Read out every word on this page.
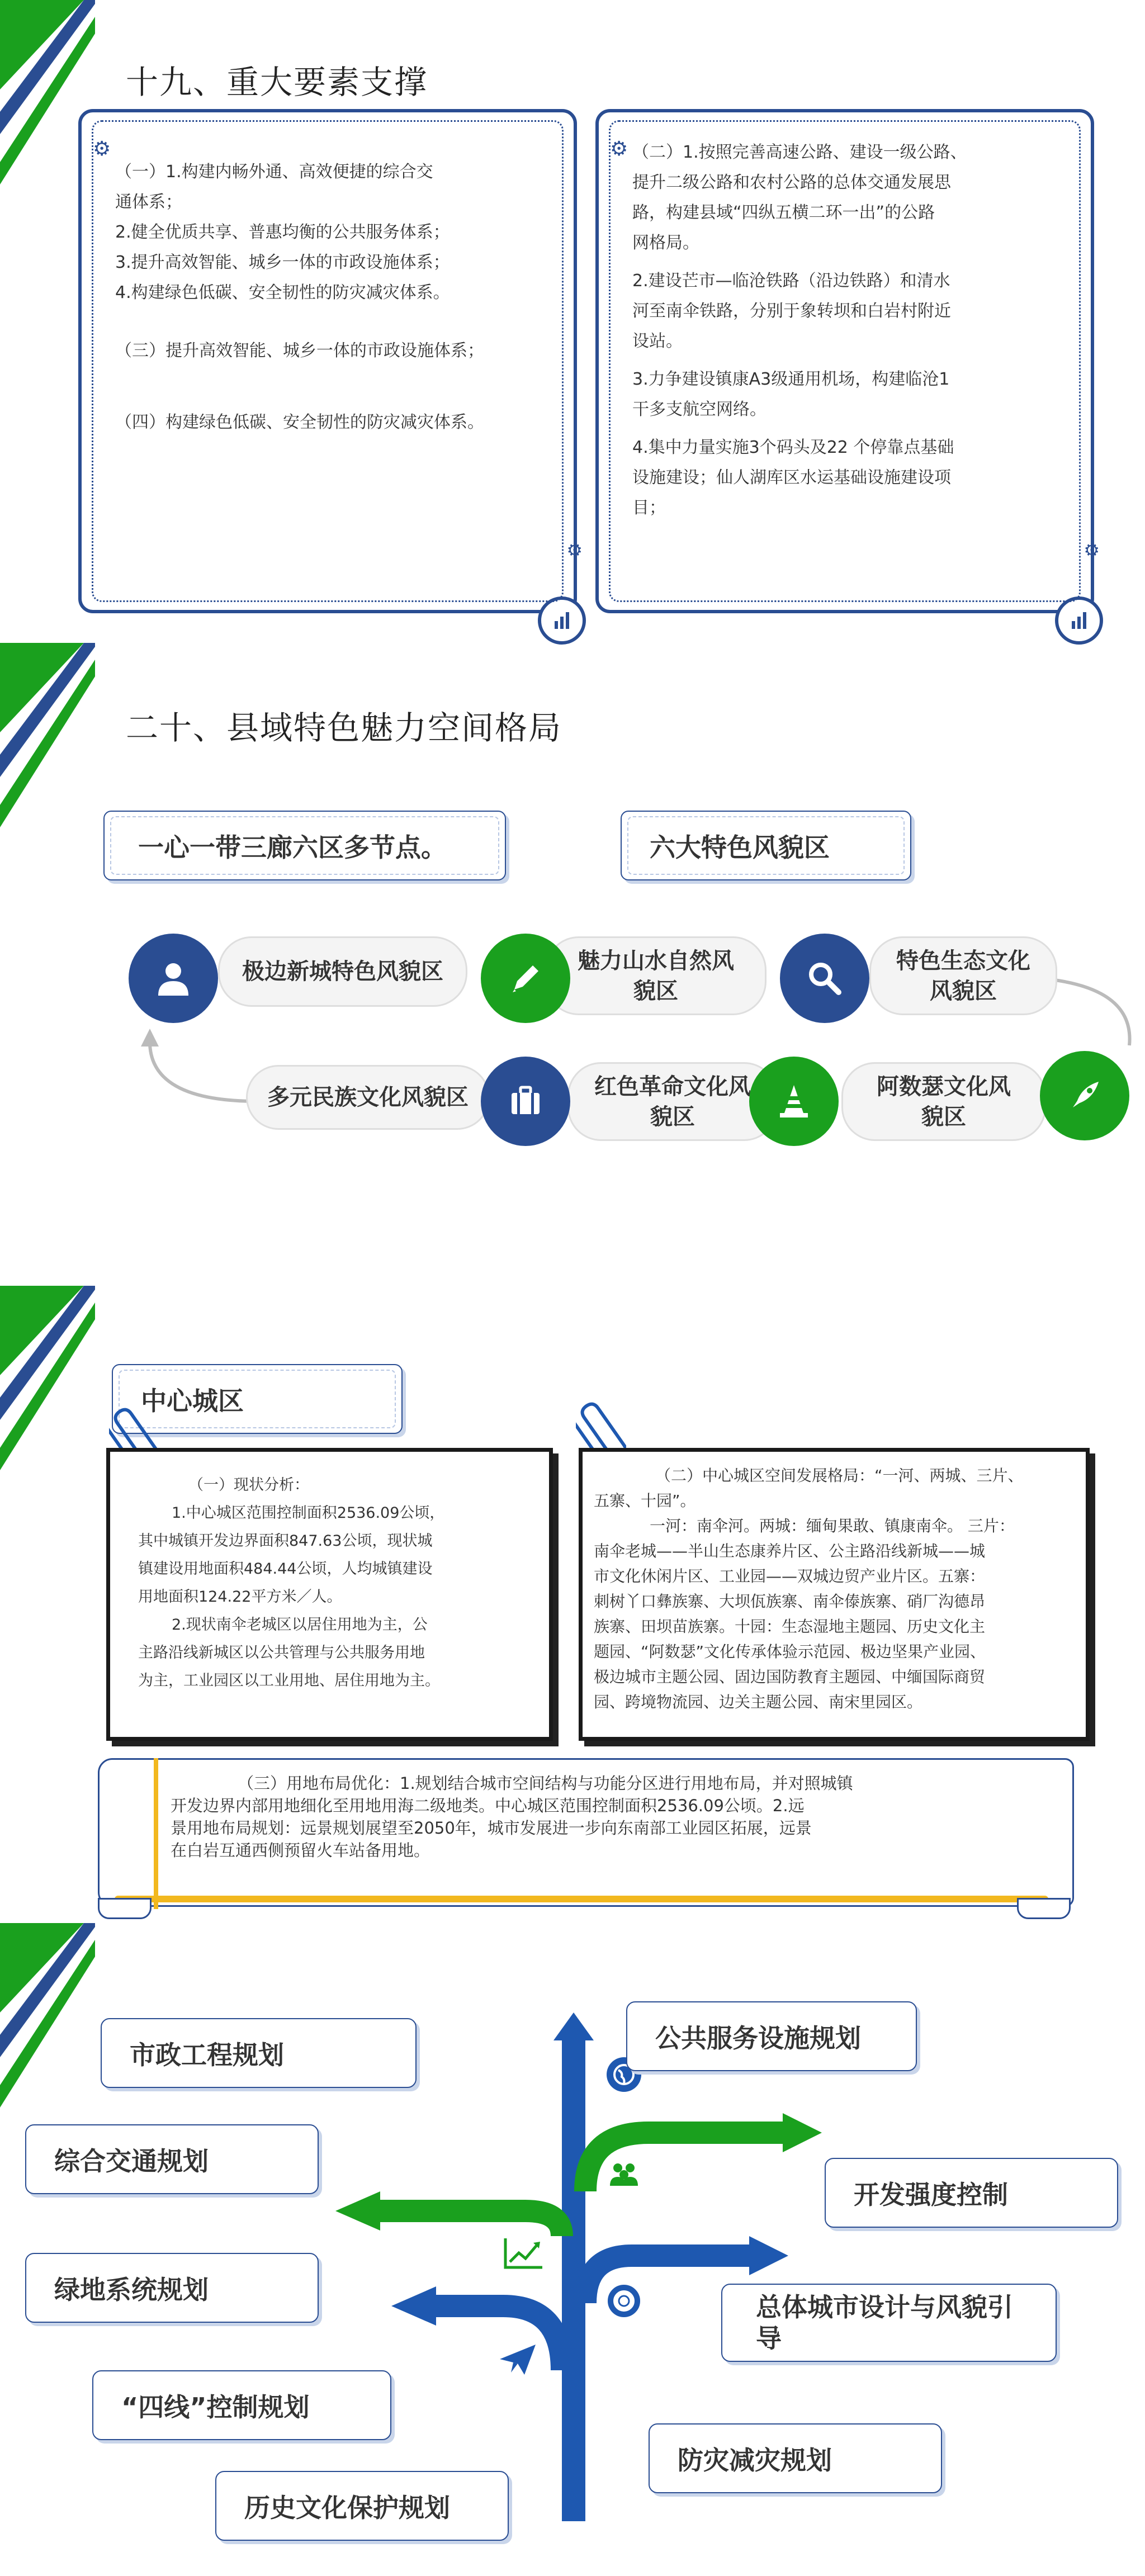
十九、重大要素支撑
⚙
（一）1.构建内畅外通、高效便捷的综合交
通体系；
2.健全优质共享、普惠均衡的公共服务体系；
3.提升高效智能、城乡一体的市政设施体系；
4.构建绿色低碳、安全韧性的防灾减灾体系。
（三）提升高效智能、城乡一体的市政设施体系；
（四）构建绿色低碳、安全韧性的防灾减灾体系。
⚙
⚙ （二）1.按照完善高速公路、建设一级公路、
提升二级公路和农村公路的总体交通发展思
路，构建县域“四纵五横二环一出”的公路
网格局。
2.建设芒市—临沧铁路（沿边铁路）和清水
河至南伞铁路，分别于象转坝和白岩村附近
设站。
3.力争建设镇康A3级通用机场，构建临沧1
干多支航空网络。
4.集中力量实施3个码头及22 个停靠点基础
设施建设；仙人湖库区水运基础设施建设项
目；
⚙
二十、县域特色魅力空间格局
一心一带三廊六区多节点。	六大特色风貌区
极边新城特色风貌区	魅力山水自然风
貌区
特色生态文化
风貌区
多元民族文化风貌区	红色革命文化风
貌区
阿数瑟文化风
貌区
中心城区
（一）现状分析：
1.中心城区范围控制面积2536.09公顷，
其中城镇开发边界面积847.63公顷，现状城
镇建设用地面积484.44公顷，人均城镇建设
用地面积124.22平方米／人。
2.现状南伞老城区以居住用地为主，公
主路沿线新城区以公共管理与公共服务用地
为主，工业园区以工业用地、居住用地为主。
（二）中心城区空间发展格局：“一河、两城、三片、
五寨、十园”。
一河：南伞河。两城：缅甸果敢、镇康南伞。 三片：
南伞老城——半山生态康养片区、公主路沿线新城——城
市文化休闲片区、工业园——双城边贸产业片区。五寨：
刺树丫口彝族寨、大坝佤族寨、南伞傣族寨、硝厂沟德昂
族寨、田坝苗族寨。十园：生态湿地主题园、历史文化主
题园、“阿数瑟”文化传承体验示范园、极边坚果产业园、
极边城市主题公园、固边国防教育主题园、中缅国际商贸
园、跨境物流园、边关主题公园、南宋里园区。
（三）用地布局优化：1.规划结合城市空间结构与功能分区进行用地布局，并对照城镇
开发边界内部用地细化至用地用海二级地类。中心城区范围控制面积2536.09公顷。2.远
景用地布局规划：远景规划展望至2050年，城市发展进一步向东南部工业园区拓展，远景
在白岩互通西侧预留火车站备用地。
市政工程规划
综合交通规划
绿地系统规划
“四线”控制规划
历史文化保护规划
公共服务设施规划
开发强度控制
总体城市设计与风貌引
导
防灾减灾规划
